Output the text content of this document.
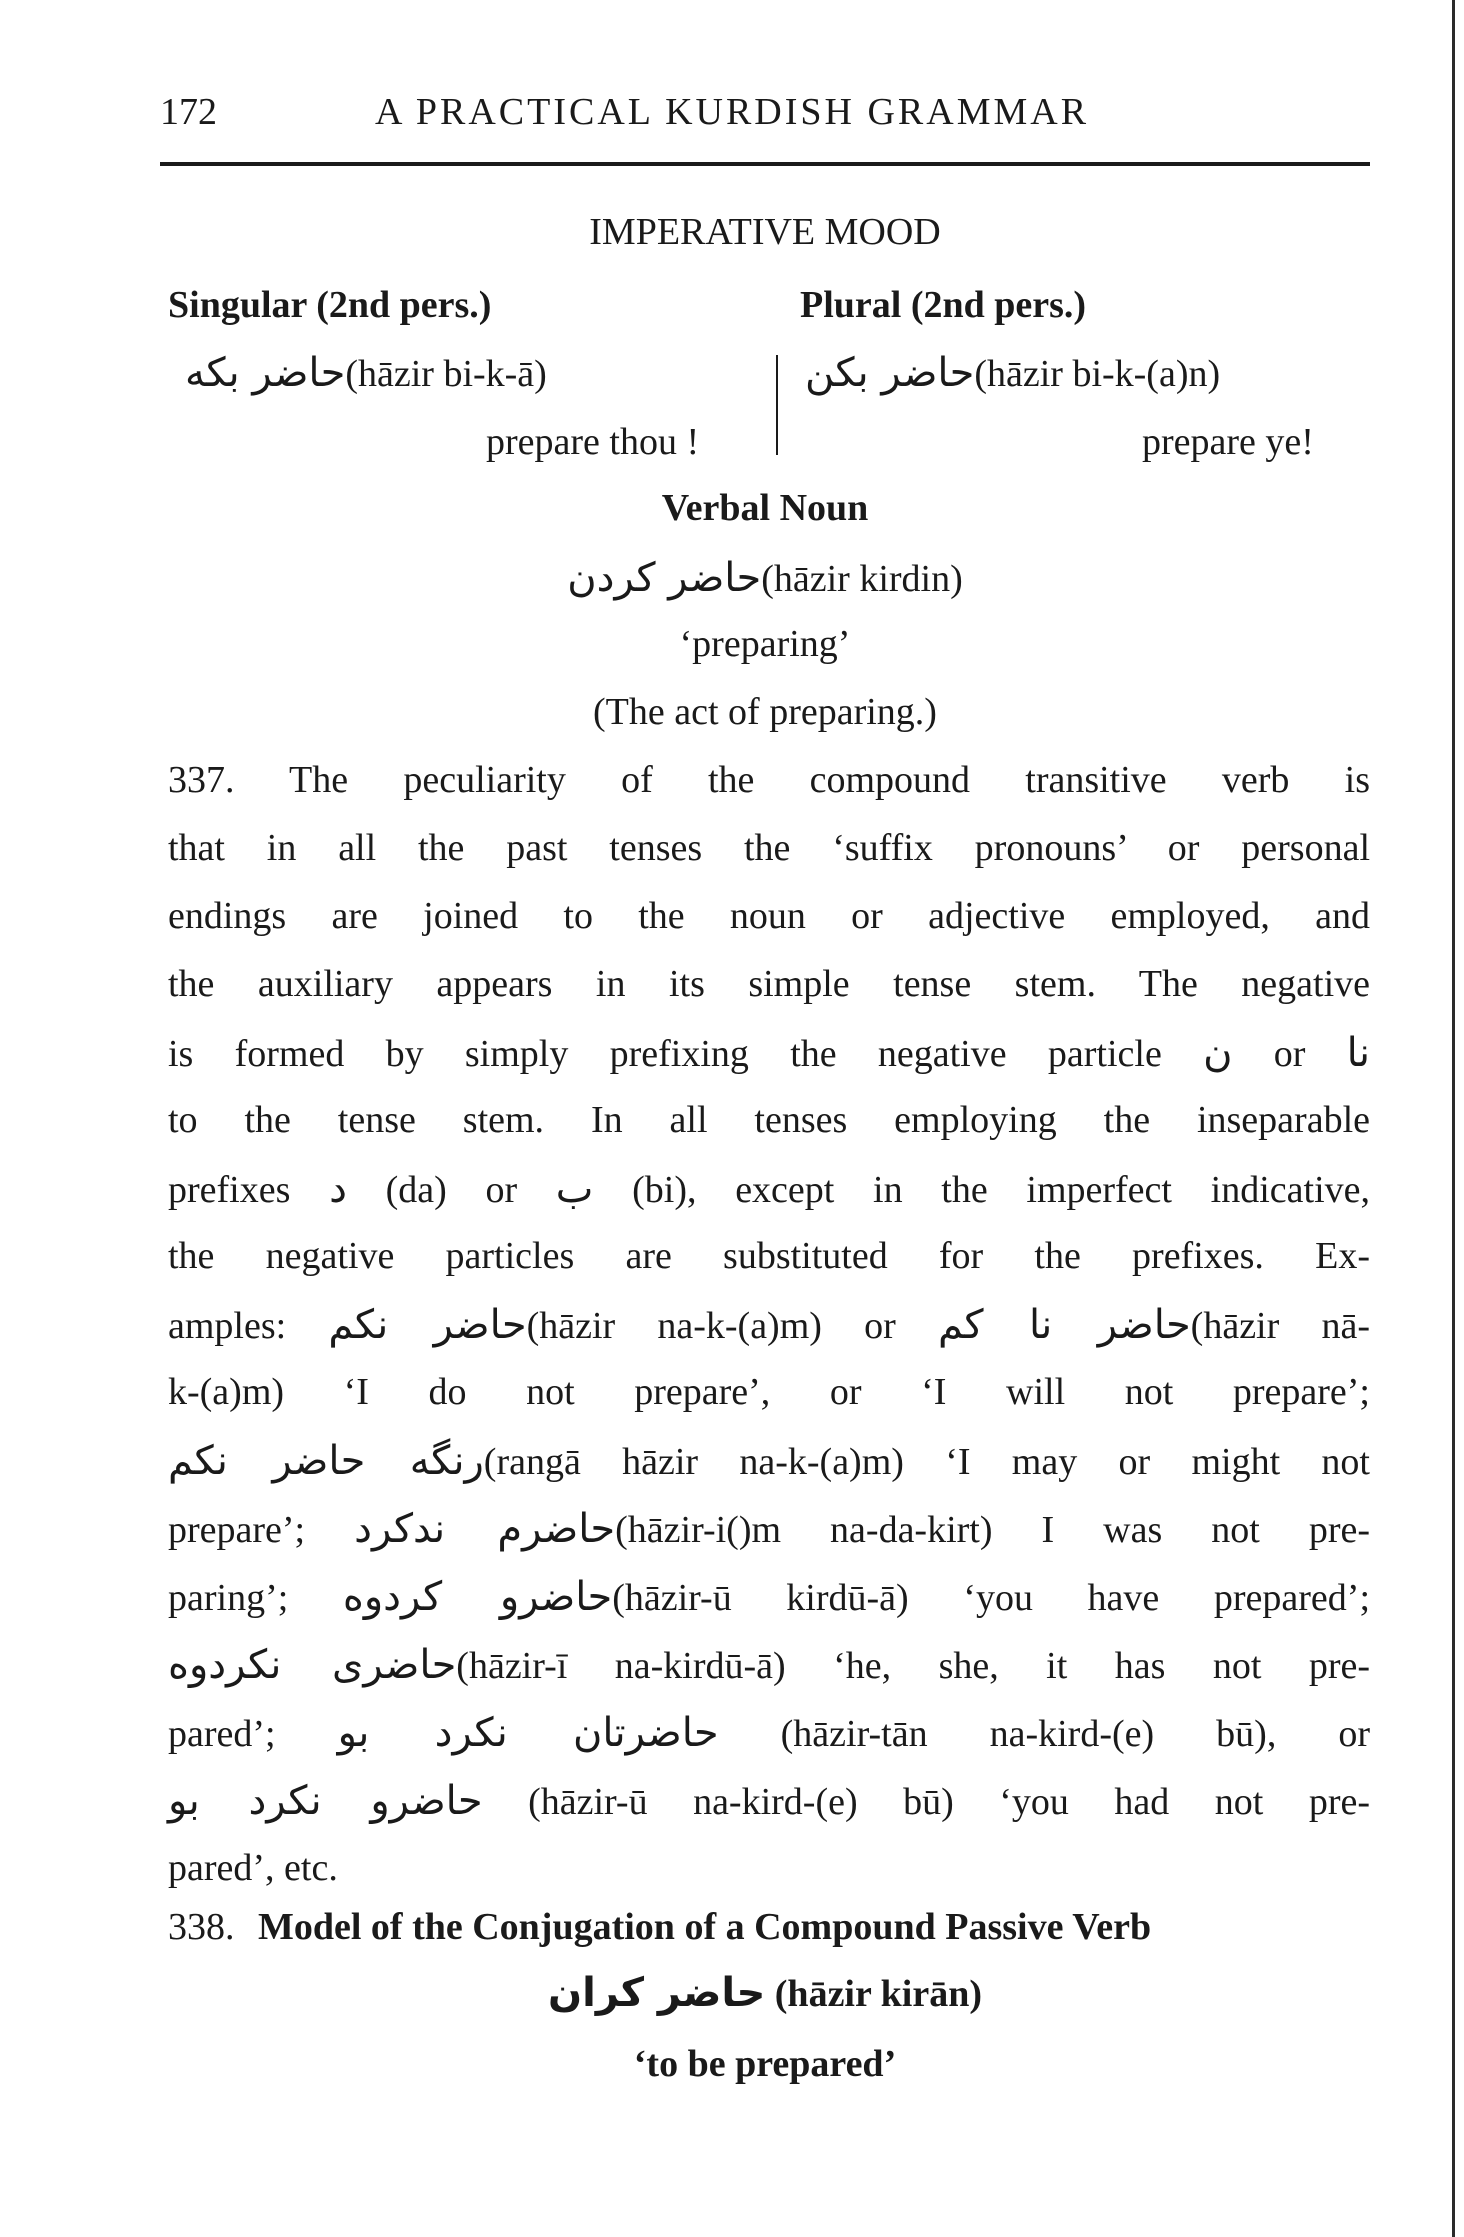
172	A PRACTICAL KURDISH GRAMMAR
IMPERATIVE MOOD
Singular (2nd pers.)	Plural (2nd pers.)
حاضر بکه(hāzir bi-k-ā)	حاضر بکن(hāzir bi-k-(a)n)
prepare thou !	prepare ye!
Verbal Noun
حاضر کردن(hāzir kirdin)
‘preparing’
(The act of preparing.)
337. The peculiarity of the compound transitive verb is
that in all the past tenses the ‘suffix pronouns’ or personal
endings are joined to the noun or adjective employed, and
the auxiliary appears in its simple tense stem. The negative
is formed by simply prefixing the negative particle ن or نا
to the tense stem. In all tenses employing the inseparable
prefixes د (da) or ب (bi), except in the imperfect indicative,
the negative particles are substituted for the prefixes. Ex-
amples: حاضر نکم(hāzir na-k-(a)m) or حاضر نا کم(hāzir nā-
k-(a)m) ‘I do not prepare’, or ‘I will not prepare’;
رنگه حاضر نکم(rangā hāzir na-k-(a)m) ‘I may or might not
prepare’; حاضرم ندکرد(hāzir-i()m na-da-kirt) I was not pre-
paring’; حاضرو کردوه(hāzir-ū kirdū-ā) ‘you have prepared’;
حاضری نکردوه(hāzir-ī na-kirdū-ā) ‘he, she, it has not pre-
pared’; حاضرتان نکرد بو (hāzir-tān na-kird-(e) bū), or
حاضرو نکرد بو (hāzir-ū na-kird-(e) bū) ‘you had not pre-
pared’, etc.
338. Model of the Conjugation of a Compound Passive Verb
حاضر کران (hāzir kirān)
‘to be prepared’
